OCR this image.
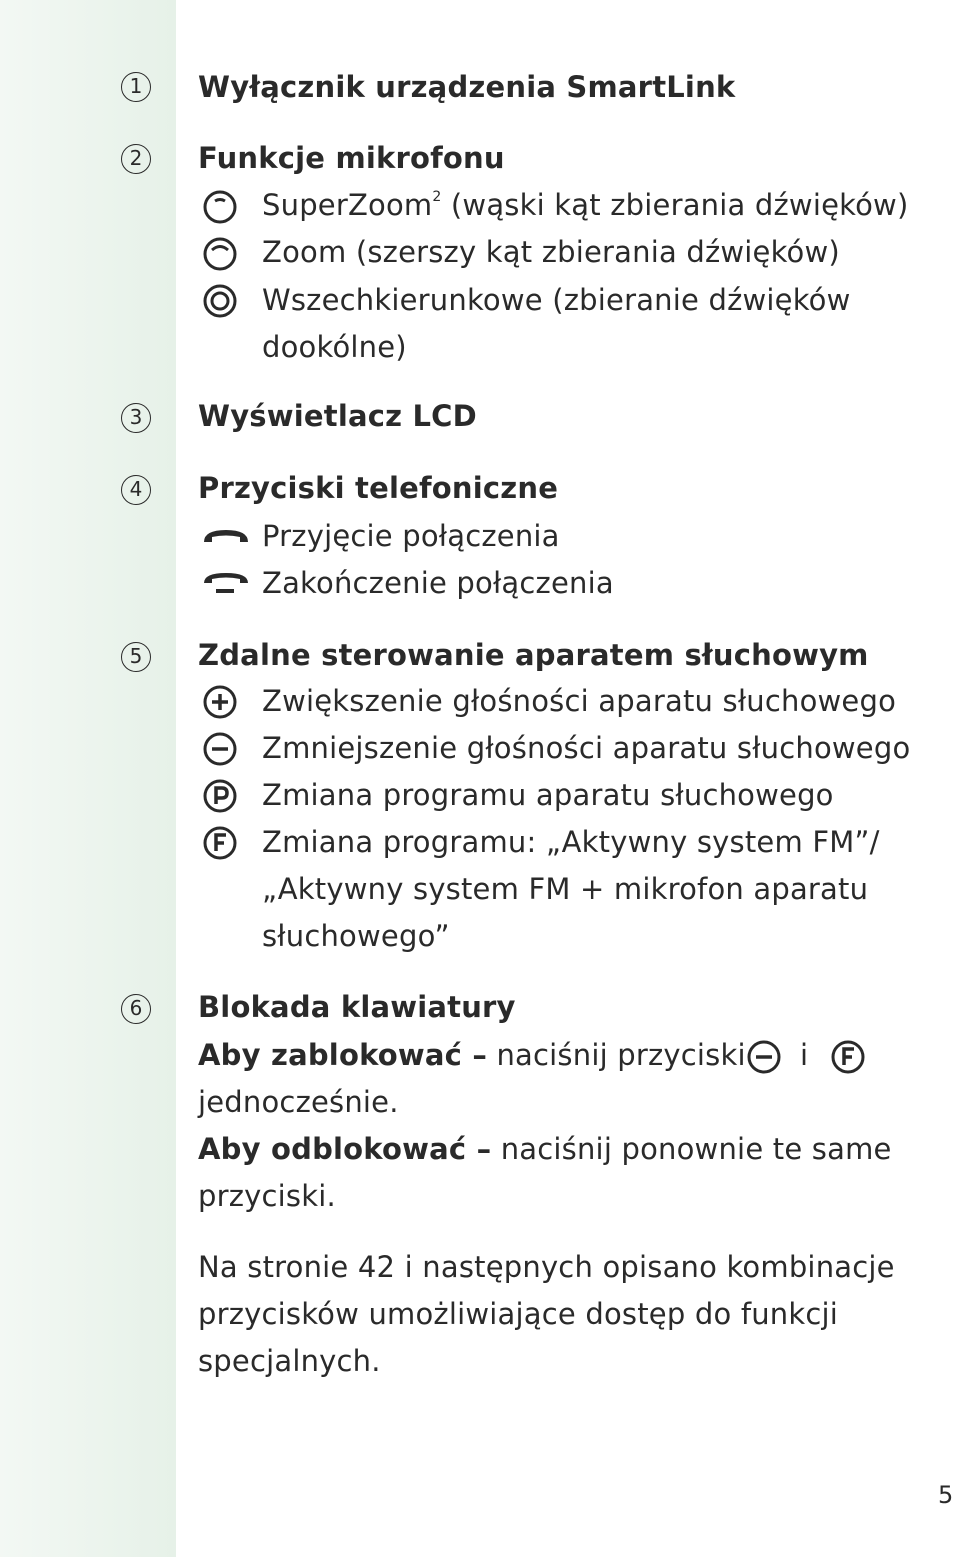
1 Wyłącznik urządzenia SmartLink
2 Funkcje mikrofonu
SuperZoom$^2$ (wąski kąt zbierania dźwięków)
Zoom (szerszy kąt zbierania dźwięków)
Wszechkierunkowe (zbieranie dźwięków
dookólne)
3 Wyświetlacz LCD
4 Przyciski telefoniczne
Przyjęcie połączenia
Zakończenie połączenia
5 Zdalne sterowanie aparatem słuchowym
Zwiększenie głośności aparatu słuchowego
Zmniejszenie głośności aparatu słuchowego
Zmiana programu aparatu słuchowego
Zmiana programu: „Aktywny system FM”/
„Aktywny system FM + mikrofon aparatu
słuchowego”
6 Blokada klawiatury
Aby zablokować – naciśnij przyciski i
jednocześnie.
Aby odblokować – naciśnij ponownie te same
przyciski.
Na stronie 42 i następnych opisano kombinacje
przycisków umożliwiające dostęp do funkcji
specjalnych.
5
